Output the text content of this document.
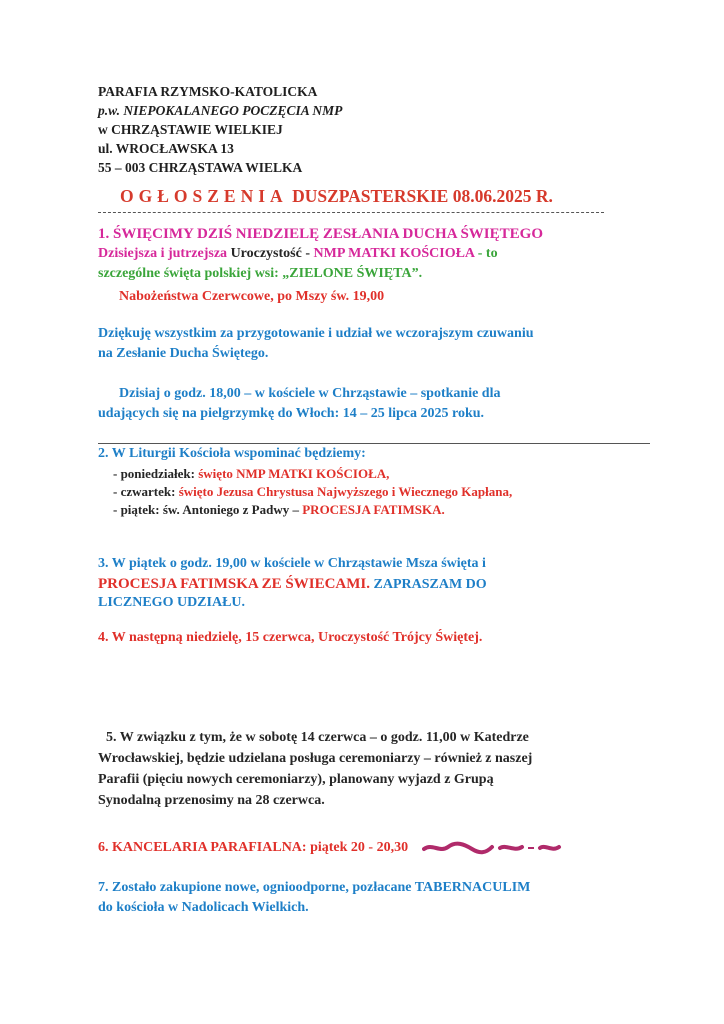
PARAFIA RZYMSKO-KATOLICKA
p.w. NIEPOKALANEGO POCZĘCIA NMP
w CHRZĄSTAWIE WIELKIEJ
ul. WROCŁAWSKA 13
55 – 003 CHRZĄSTAWA WIELKA
OGŁOSZENIA DUSZPASTERSKIE 08.06.2025 R.
1. ŚWIĘCIMY DZIŚ NIEDZIELĘ ZESŁANIA DUCHA ŚWIĘTEGO
Dzisiejsza i jutrzejsza Uroczystość - NMP MATKI KOŚCIOŁA - to
szczególne święta polskiej wsi: „ZIELONE ŚWIĘTA”.
Nabożeństwa Czerwcowe, po Mszy św. 19,00
Dziękuję wszystkim za przygotowanie i udział we wczorajszym czuwaniu
na Zesłanie Ducha Świętego.
Dzisiaj o godz. 18,00 – w kościele w Chrząstawie – spotkanie dla
udających się na pielgrzymkę do Włoch: 14 – 25 lipca 2025 roku.
2. W Liturgii Kościoła wspominać będziemy:
- poniedziałek: święto NMP MATKI KOŚCIOŁA,
- czwartek: święto Jezusa Chrystusa Najwyższego i Wiecznego Kapłana,
- piątek: św. Antoniego z Padwy – PROCESJA FATIMSKA.
3. W piątek o godz. 19,00 w kościele w Chrząstawie Msza święta i
PROCESJA FATIMSKA ZE ŚWIECAMI. ZAPRASZAM DO
LICZNEGO UDZIAŁU.
4. W następną niedzielę, 15 czerwca, Uroczystość Trójcy Świętej.
5. W związku z tym, że w sobotę 14 czerwca – o godz. 11,00 w Katedrze
Wrocławskiej, będzie udzielana posługa ceremoniarzy – również z naszej
Parafii (pięciu nowych ceremoniarzy), planowany wyjazd z Grupą
Synodalną przenosimy na 28 czerwca.
6. KANCELARIA PARAFIALNA: piątek 20 - 20,30
7. Zostało zakupione nowe, ognioodporne, pozłacane TABERNACULIM
do kościoła w Nadolicach Wielkich.
